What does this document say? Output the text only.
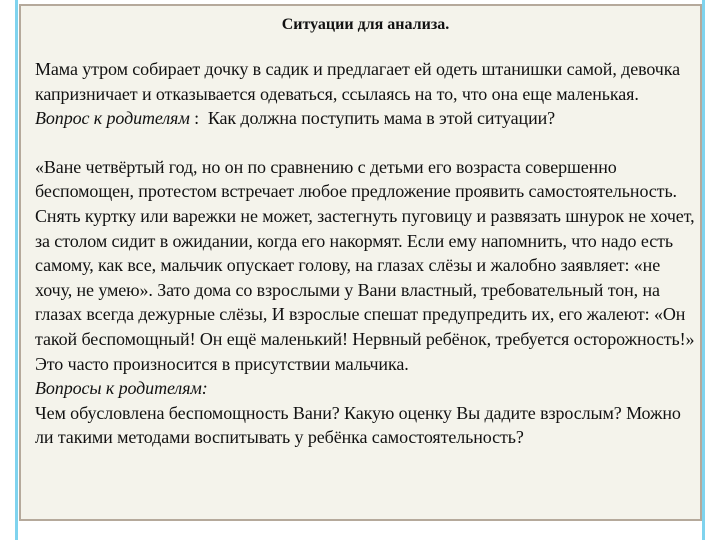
Ситуации для анализа.

Мама утром собирает дочку в садик и предлагает ей одеть штанишки самой, девочка капризничает и отказывается одеваться, ссылаясь на то, что она еще маленькая.

Вопрос к родителям :  Как должна поступить мама в этой ситуации?

«Ване четвёртый год, но он по сравнению с детьми его возраста совершенно беспомощен, протестом встречает любое предложение проявить самостоятельность. Снять куртку или варежки не может, застегнуть пуговицу и развязать шнурок не хочет, за столом сидит в ожидании, когда его накормят. Если ему напомнить, что надо есть самому, как все, мальчик опускает голову, на глазах слёзы и жалобно заявляет: «не хочу, не умею». Зато дома со взрослыми у Вани властный, требовательный тон, на глазах всегда дежурные слёзы, И взрослые спешат предупредить их, его жалеют: «Он такой беспомощный! Он ещё маленький! Нервный ребёнок, требуется осторожность!» Это часто произносится в присутствии мальчика.

Вопросы к родителям:

Чем обусловлена беспомощность Вани? Какую оценку Вы дадите взрослым? Можно ли такими методами воспитывать у ребёнка самостоятельность?
